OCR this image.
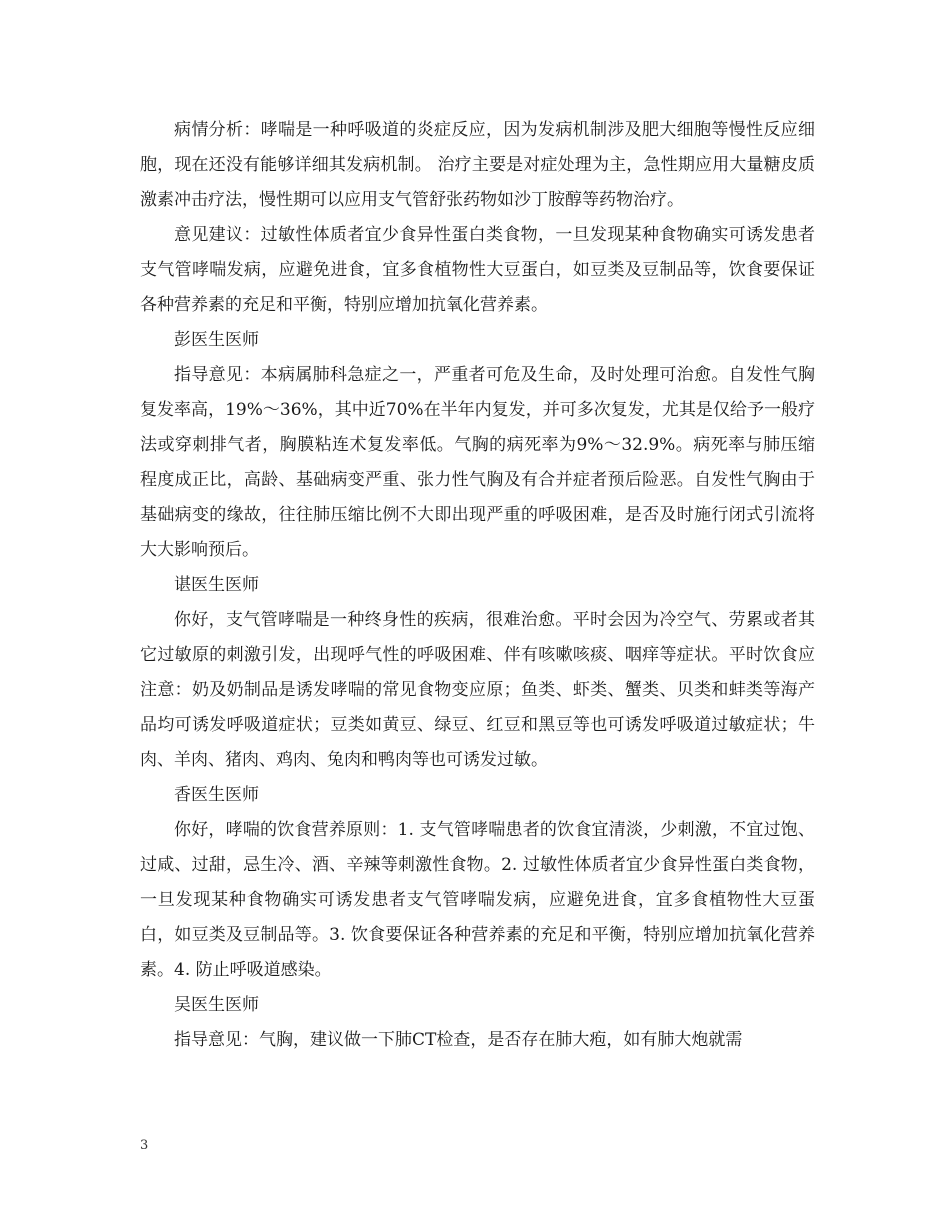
病情分析：哮喘是一种呼吸道的炎症反应，因为发病机制涉及肥大细胞等慢性反应细胞，现在还没有能够详细其发病机制。 治疗主要是对症处理为主，急性期应用大量糖皮质激素冲击疗法，慢性期可以应用支气管舒张药物如沙丁胺醇等药物治疗。

意见建议：过敏性体质者宜少食异性蛋白类食物，一旦发现某种食物确实可诱发患者支气管哮喘发病，应避免进食，宜多食植物性大豆蛋白，如豆类及豆制品等，饮食要保证各种营养素的充足和平衡，特别应增加抗氧化营养素。

彭医生医师

指导意见：本病属肺科急症之一，严重者可危及生命，及时处理可治愈。自发性气胸复发率高，19%～36%，其中近70%在半年内复发，并可多次复发，尤其是仅给予一般疗法或穿刺排气者，胸膜粘连术复发率低。气胸的病死率为9%～32.9%。病死率与肺压缩程度成正比，高龄、基础病变严重、张力性气胸及有合并症者预后险恶。自发性气胸由于基础病变的缘故，往往肺压缩比例不大即出现严重的呼吸困难，是否及时施行闭式引流将大大影响预后。

谌医生医师

你好，支气管哮喘是一种终身性的疾病，很难治愈。平时会因为冷空气、劳累或者其它过敏原的刺激引发，出现呼气性的呼吸困难、伴有咳嗽咳痰、咽痒等症状。平时饮食应注意：奶及奶制品是诱发哮喘的常见食物变应原；鱼类、虾类、蟹类、贝类和蚌类等海产品均可诱发呼吸道症状；豆类如黄豆、绿豆、红豆和黑豆等也可诱发呼吸道过敏症状；牛肉、羊肉、猪肉、鸡肉、兔肉和鸭肉等也可诱发过敏。

香医生医师

你好，哮喘的饮食营养原则：1. 支气管哮喘患者的饮食宜清淡，少刺激，不宜过饱、过咸、过甜，忌生冷、酒、辛辣等刺激性食物。2. 过敏性体质者宜少食异性蛋白类食物，一旦发现某种食物确实可诱发患者支气管哮喘发病，应避免进食，宜多食植物性大豆蛋白，如豆类及豆制品等。3. 饮食要保证各种营养素的充足和平衡，特别应增加抗氧化营养素。4. 防止呼吸道感染。

吴医生医师

指导意见：气胸，建议做一下肺CT检查，是否存在肺大疱，如有肺大炮就需

3
